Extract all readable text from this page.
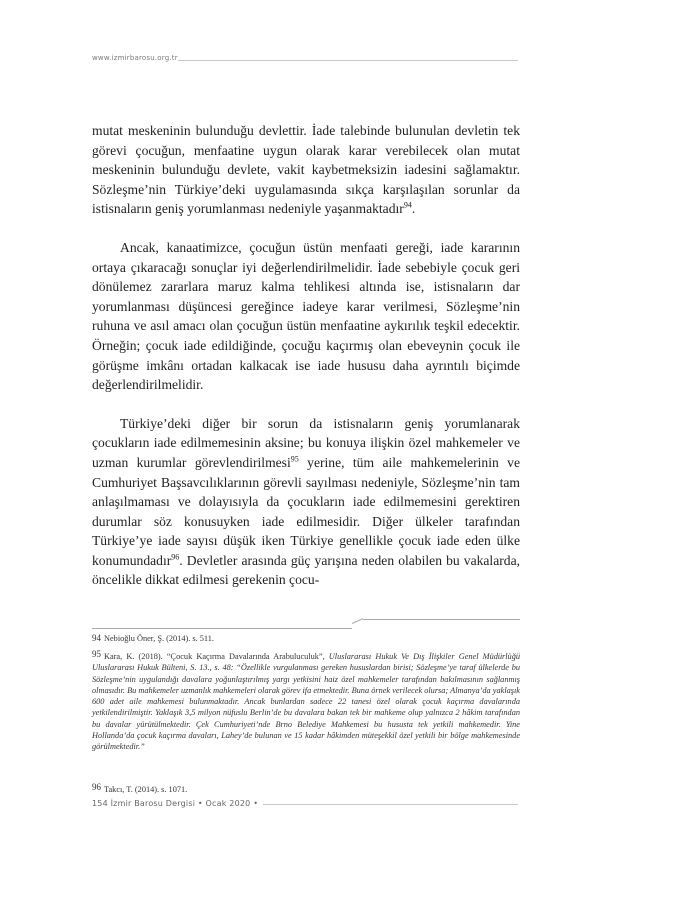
www.izmirbarosu.org.tr

mutat meskeninin bulunduğu devlettir. İade talebinde bulunulan devletin tek görevi çocuğun, menfaatine uygun olarak karar verebilecek olan mutat meskeninin bulunduğu devlete, vakit kaybetmeksizin iadesini sağlamaktır. Sözleşme’nin Türkiye’deki uygulamasında sıkça karşılaşılan sorunlar da istisnaların geniş yorumlanması nedeniyle yaşanmaktadır$^{94}$.

Ancak, kanaatimizce, çocuğun üstün menfaati gereği, iade kararının ortaya çıkaracağı sonuçlar iyi değerlendirilmelidir. İade sebebiyle çocuk geri dönülemez zararlara maruz kalma tehlikesi altında ise, istisnaların dar yorumlanması düşüncesi gereğince iadeye karar verilmesi, Sözleşme’nin ruhuna ve asıl amacı olan çocuğun üstün menfaatine aykırılık teşkil edecektir. Örneğin; çocuk iade edildiğinde, çocuğu kaçırmış olan ebeveynin çocuk ile görüşme imkânı ortadan kalkacak ise iade hususu daha ayrıntılı biçimde değerlendirilmelidir.

Türkiye’deki diğer bir sorun da istisnaların geniş yorumlanarak çocukların iade edilmemesinin aksine; bu konuya ilişkin özel mahkemeler ve uzman kurumlar görevlendirilmesi$^{95}$ yerine, tüm aile mahkemelerinin ve Cumhuriyet Başsavcılıklarının görevli sayılması nedeniyle, Sözleşme’nin tam anlaşılmaması ve dolayısıyla da çocukların iade edilmemesini gerektiren durumlar söz konusuyken iade edilmesidir. Diğer ülkeler tarafından Türkiye’ye iade sayısı düşük iken Türkiye genellikle çocuk iade eden ülke konumundadır$^{96}$. Devletler arasında güç yarışına neden olabilen bu vakalarda, öncelikle dikkat edilmesi gerekenin çocu-

94 Nebioğlu Öner, Ş. (2014). s. 511.
95 Kara, K. (2018). “Çocuk Kaçırma Davalarında Arabuluculuk”, Uluslararası Hukuk Ve Dış İlişkiler Genel Müdürlüğü Uluslararası Hukuk Bülteni, S. 13., s. 48: “Özellikle vurgulanması gereken hususlardan birisi; Sözleşme’ye taraf ülkelerde bu Sözleşme’nin uygulandığı davalara yoğunlaştırılmış yargı yetkisini haiz özel mahkemeler tarafından bakılmasının sağlanmış olmasıdır. Bu mahkemeler uzmanlık mahkemeleri olarak görev ifa etmektedir. Buna örnek verilecek olursa; Almanya’da yaklaşık 600 adet aile mahkemesi bulunmaktadır. Ancak bunlardan sadece 22 tanesi özel olarak çocuk kaçırma davalarında yetkilendirilmiştir. Yaklaşık 3,5 milyon nüfuslu Berlin’de bu davalara bakan tek bir mahkeme olup yalnızca 2 hâkim tarafından bu davalar yürütülmektedir. Çek Cumhuriyeti’nde Brno Belediye Mahkemesi bu hususta tek yetkili mahkemedir. Yine Hollanda’da çocuk kaçırma davaları, Lahey’de bulunan ve 15 kadar hâkimden müteşekkil özel yetkili bir bölge mahkemesinde görülmektedir.”
96 Takcı, T. (2014). s. 1071.
154 İzmir Barosu Dergisi • Ocak 2020 •
